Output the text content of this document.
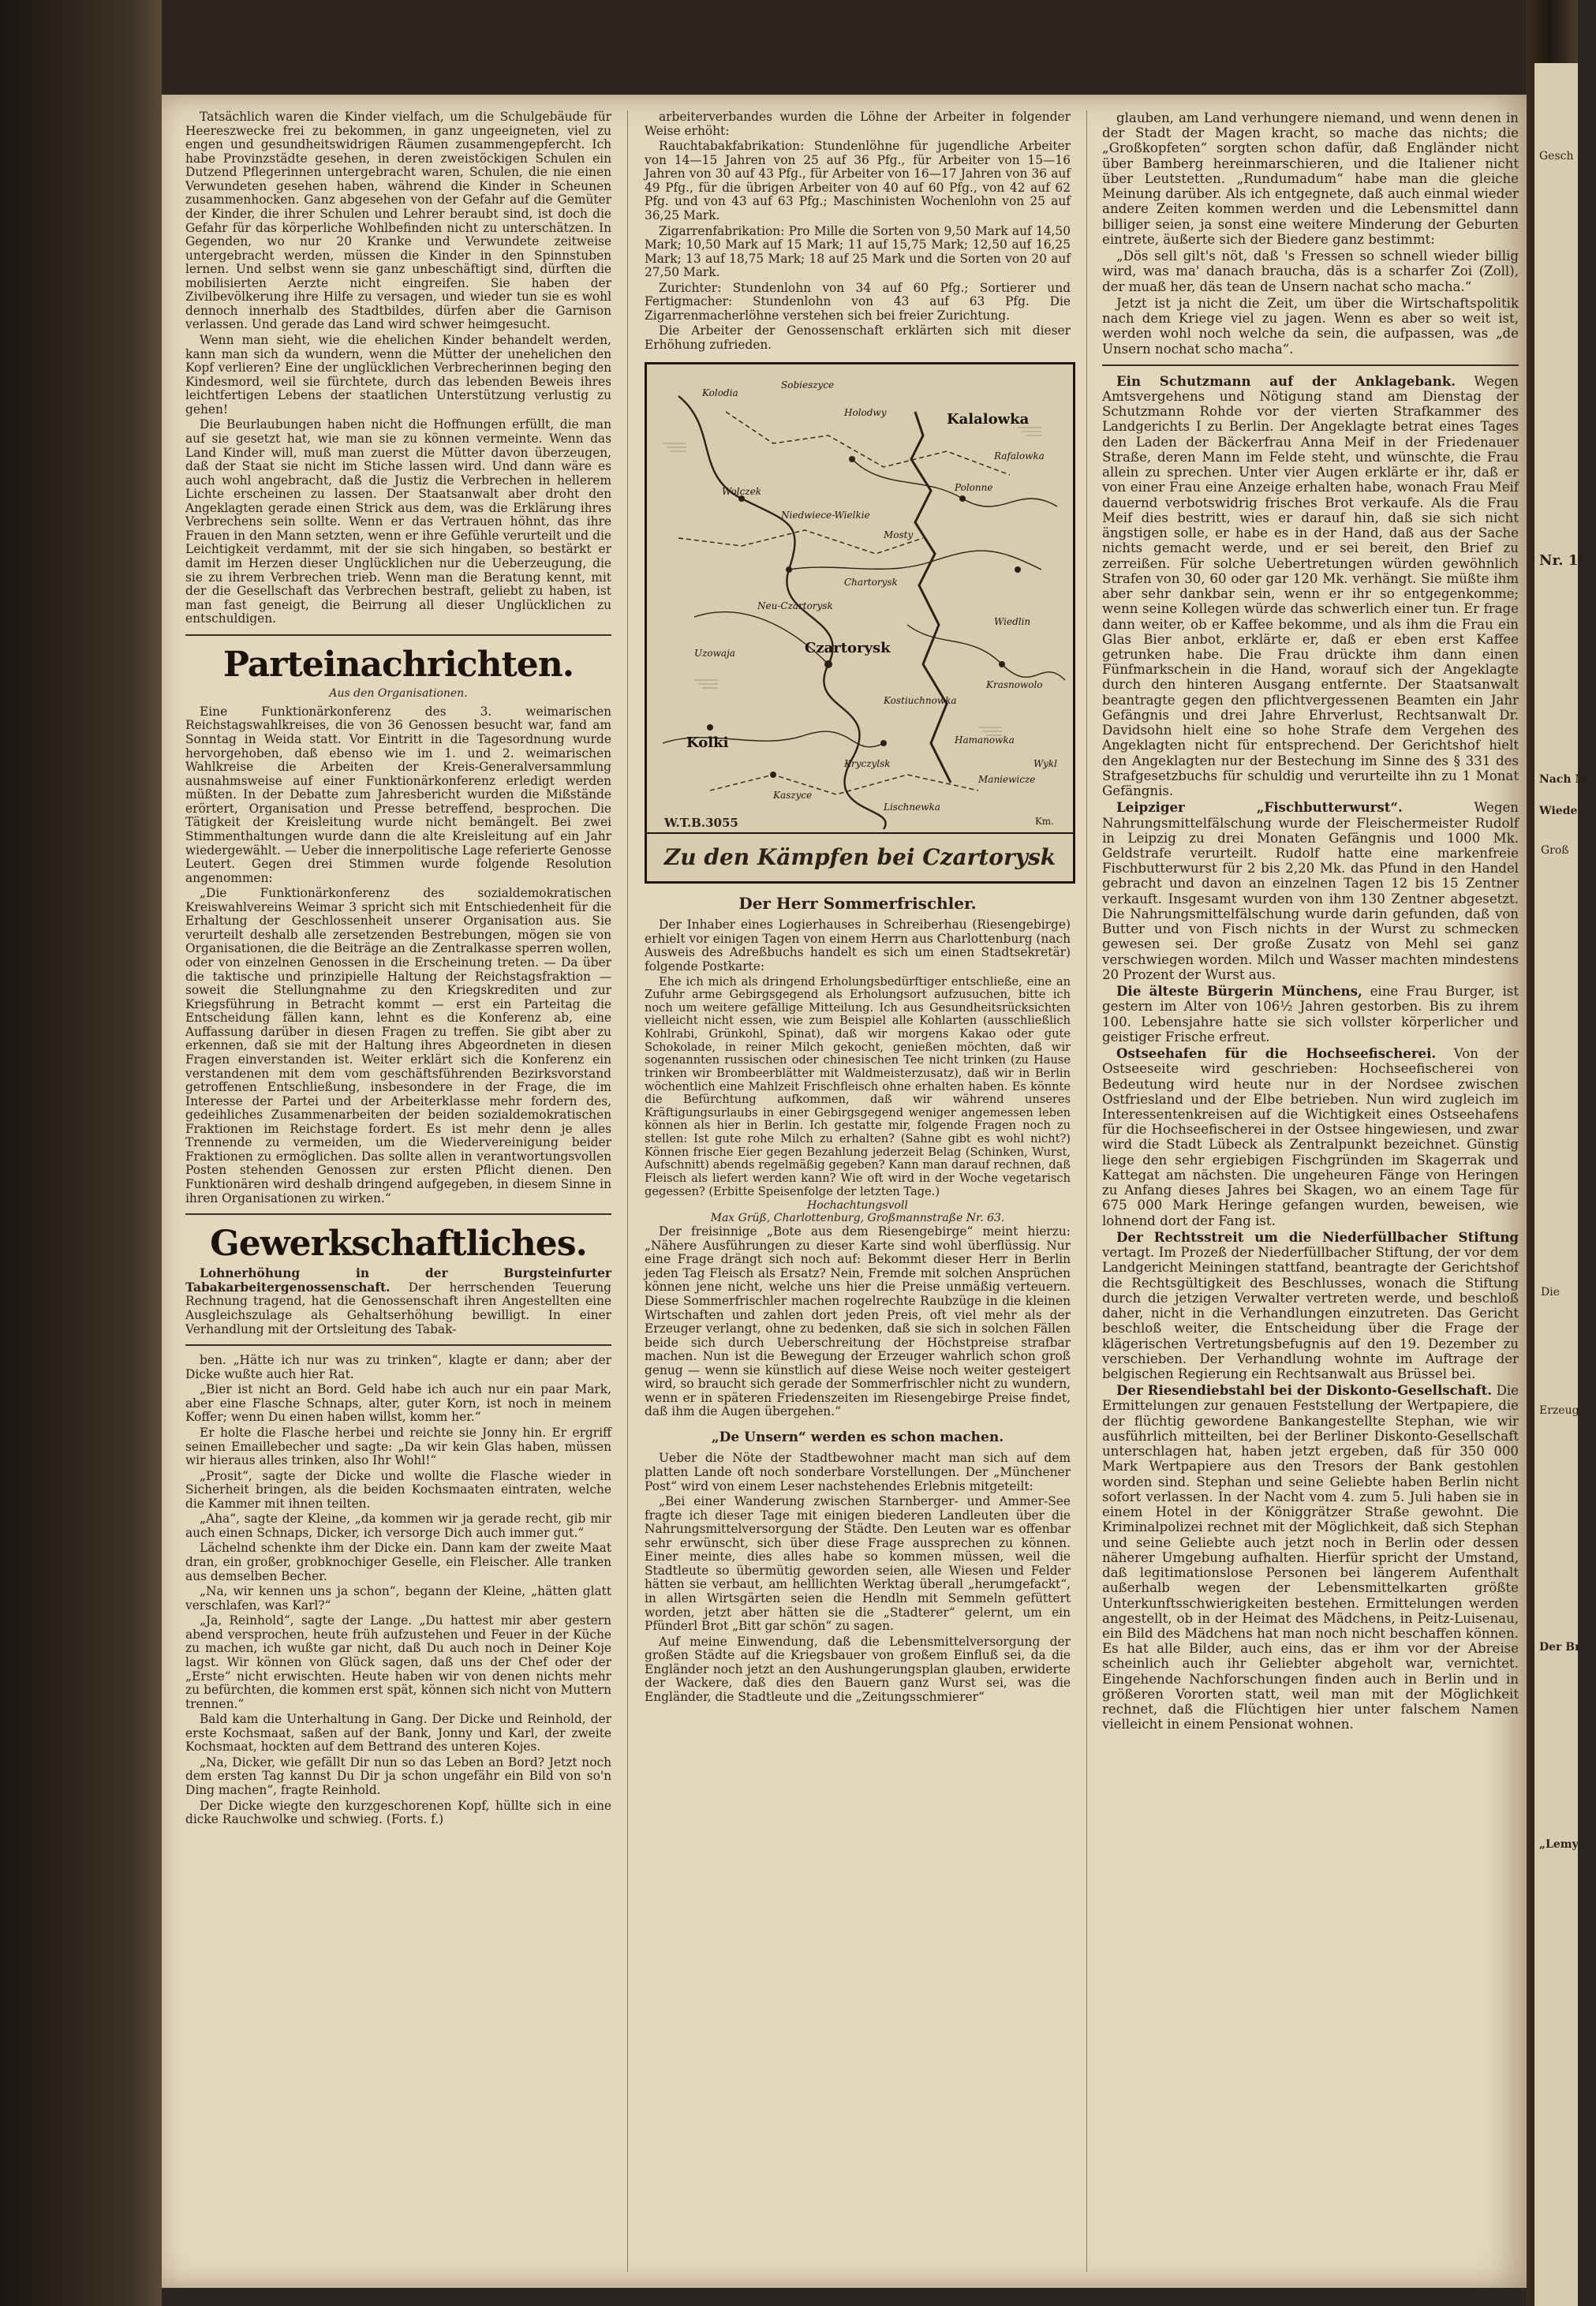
Tatsächlich waren die Kinder vielfach, um die Schulgebäude für Heereszwecke frei zu bekommen, in ganz ungeeigneten, viel zu engen und gesundheitswidrigen Räumen zusammengepfercht. Ich habe Provinzstädte gesehen, in deren zweistöckigen Schulen ein Dutzend Pflegerinnen untergebracht waren, Schulen, die nie einen Verwundeten gesehen haben, während die Kinder in Scheunen zusammenhocken. Ganz abgesehen von der Gefahr auf die Gemüter der Kinder, die ihrer Schulen und Lehrer beraubt sind, ist doch die Gefahr für das körperliche Wohlbefinden nicht zu unterschätzen. In Gegenden, wo nur 20 Kranke und Verwundete zeitweise untergebracht werden, müssen die Kinder in den Spinnstuben lernen. Und selbst wenn sie ganz unbeschäftigt sind, dürften die mobilisierten Aerzte nicht eingreifen. Sie haben der Zivilbevölkerung ihre Hilfe zu versagen, und wieder tun sie es wohl dennoch innerhalb des Stadtbildes, dürfen aber die Garnison verlassen. Und gerade das Land wird schwer heimgesucht.

Wenn man sieht, wie die ehelichen Kinder behandelt werden, kann man sich da wundern, wenn die Mütter der unehelichen den Kopf verlieren? Eine der unglücklichen Verbrecherinnen beging den Kindesmord, weil sie fürchtete, durch das lebenden Beweis ihres leichtfertigen Lebens der staatlichen Unterstützung verlustig zu gehen!

Die Beurlaubungen haben nicht die Hoffnungen erfüllt, die man auf sie gesetzt hat, wie man sie zu können vermeinte. Wenn das Land Kinder will, muß man zuerst die Mütter davon überzeugen, daß der Staat sie nicht im Stiche lassen wird. Und dann wäre es auch wohl angebracht, daß die Justiz die Verbrechen in hellerem Lichte erscheinen zu lassen. Der Staatsanwalt aber droht den Angeklagten gerade einen Strick aus dem, was die Erklärung ihres Verbrechens sein sollte. Wenn er das Vertrauen höhnt, das ihre Frauen in den Mann setzten, wenn er ihre Gefühle verurteilt und die Leichtigkeit verdammt, mit der sie sich hingaben, so bestärkt er damit im Herzen dieser Unglücklichen nur die Ueberzeugung, die sie zu ihrem Verbrechen trieb. Wenn man die Beratung kennt, mit der die Gesellschaft das Verbrechen bestraft, geliebt zu haben, ist man fast geneigt, die Beirrung all dieser Unglücklichen zu entschuldigen.

Parteinachrichten.
Aus den Organisationen.

Eine Funktionärkonferenz des 3. weimarischen Reichstagswahlkreises, die von 36 Genossen besucht war, fand am Sonntag in Weida statt. Vor Eintritt in die Tagesordnung wurde hervorgehoben, daß ebenso wie im 1. und 2. weimarischen Wahlkreise die Arbeiten der Kreis-Generalversammlung ausnahmsweise auf einer Funktionärkonferenz erledigt werden müßten. In der Debatte zum Jahresbericht wurden die Mißstände erörtert, Organisation und Presse betreffend, besprochen. Die Tätigkeit der Kreisleitung wurde nicht bemängelt. Bei zwei Stimmenthaltungen wurde dann die alte Kreisleitung auf ein Jahr wiedergewählt. — Ueber die innerpolitische Lage referierte Genosse Leutert. Gegen drei Stimmen wurde folgende Resolution angenommen:

„Die Funktionärkonferenz des sozialdemokratischen Kreiswahlvereins Weimar 3 spricht sich mit Entschiedenheit für die Erhaltung der Geschlossenheit unserer Organisation aus. Sie verurteilt deshalb alle zersetzenden Bestrebungen, mögen sie von Organisationen, die die Beiträge an die Zentralkasse sperren wollen, oder von einzelnen Genossen in die Erscheinung treten. — Da über die taktische und prinzipielle Haltung der Reichstagsfraktion — soweit die Stellungnahme zu den Kriegskrediten und zur Kriegsführung in Betracht kommt — erst ein Parteitag die Entscheidung fällen kann, lehnt es die Konferenz ab, eine Auffassung darüber in diesen Fragen zu treffen. Sie gibt aber zu erkennen, daß sie mit der Haltung ihres Abgeordneten in diesen Fragen einverstanden ist. Weiter erklärt sich die Konferenz ein verstandenen mit dem vom geschäftsführenden Bezirksvorstand getroffenen Entschließung, insbesondere in der Frage, die im Interesse der Partei und der Arbeiterklasse mehr fordern des, gedeihliches Zusammenarbeiten der beiden sozialdemokratischen Fraktionen im Reichstage fordert. Es ist mehr denn je alles Trennende zu vermeiden, um die Wiedervereinigung beider Fraktionen zu ermöglichen. Das sollte allen in verantwortungsvollen Posten stehenden Genossen zur ersten Pflicht dienen. Den Funktionären wird deshalb dringend aufgegeben, in diesem Sinne in ihren Organisationen zu wirken.“

Gewerkschaftliches.

Lohnerhöhung in der Burgsteinfurter Tabakarbeitergenossenschaft. Der herrschenden Teuerung Rechnung tragend, hat die Genossenschaft ihren Angestellten eine Ausgleichszulage als Gehaltserhöhung bewilligt. In einer Verhandlung mit der Ortsleitung des Tabak-

ben. „Hätte ich nur was zu trinken“, klagte er dann; aber der Dicke wußte auch hier Rat.

„Bier ist nicht an Bord. Geld habe ich auch nur ein paar Mark, aber eine Flasche Schnaps, alter, guter Korn, ist noch in meinem Koffer; wenn Du einen haben willst, komm her.“

Er holte die Flasche herbei und reichte sie Jonny hin. Er ergriff seinen Emaillebecher und sagte: „Da wir kein Glas haben, müssen wir hieraus alles trinken, also Ihr Wohl!“

„Prosit“, sagte der Dicke und wollte die Flasche wieder in Sicherheit bringen, als die beiden Kochsmaaten eintraten, welche die Kammer mit ihnen teilten.

„Aha“, sagte der Kleine, „da kommen wir ja gerade recht, gib mir auch einen Schnaps, Dicker, ich versorge Dich auch immer gut.“

Lächelnd schenkte ihm der Dicke ein. Dann kam der zweite Maat dran, ein großer, grobknochiger Geselle, ein Fleischer. Alle tranken aus demselben Becher.

„Na, wir kennen uns ja schon“, begann der Kleine, „hätten glatt verschlafen, was Karl?“

„Ja, Reinhold“, sagte der Lange. „Du hattest mir aber gestern abend versprochen, heute früh aufzustehen und Feuer in der Küche zu machen, ich wußte gar nicht, daß Du auch noch in Deiner Koje lagst. Wir können von Glück sagen, daß uns der Chef oder der „Erste“ nicht erwischten. Heute haben wir von denen nichts mehr zu befürchten, die kommen erst spät, können sich nicht von Muttern trennen.“

Bald kam die Unterhaltung in Gang. Der Dicke und Reinhold, der erste Kochsmaat, saßen auf der Bank, Jonny und Karl, der zweite Kochsmaat, hockten auf dem Bettrand des unteren Kojes.

„Na, Dicker, wie gefällt Dir nun so das Leben an Bord? Jetzt noch dem ersten Tag kannst Du Dir ja schon ungefähr ein Bild von so'n Ding machen“, fragte Reinhold.

Der Dicke wiegte den kurzgeschorenen Kopf, hüllte sich in eine dicke Rauchwolke und schwieg. (Forts. f.)

arbeiterverbandes wurden die Löhne der Arbeiter in folgender Weise erhöht:

Rauchtabakfabrikation: Stundenlöhne für jugendliche Arbeiter von 14—15 Jahren von 25 auf 36 Pfg., für Arbeiter von 15—16 Jahren von 30 auf 43 Pfg., für Arbeiter von 16—17 Jahren von 36 auf 49 Pfg., für die übrigen Arbeiter von 40 auf 60 Pfg., von 42 auf 62 Pfg. und von 43 auf 63 Pfg.; Maschinisten Wochenlohn von 25 auf 36,25 Mark.

Zigarrenfabrikation: Pro Mille die Sorten von 9,50 Mark auf 14,50 Mark; 10,50 Mark auf 15 Mark; 11 auf 15,75 Mark; 12,50 auf 16,25 Mark; 13 auf 18,75 Mark; 18 auf 25 Mark und die Sorten von 20 auf 27,50 Mark.

Zurichter: Stundenlohn von 34 auf 60 Pfg.; Sortierer und Fertigmacher: Stundenlohn von 43 auf 63 Pfg. Die Zigarrenmacherlöhne verstehen sich bei freier Zurichtung.

Die Arbeiter der Genossenschaft erklärten sich mit dieser Erhöhung zufrieden.

Kolodia
Sobieszyce
Holodwy	Kalalowka
Wolczek
Niedwiece-Wielkie
Polonne
Czartorysk
Kolki
Uzowaja
Krasnowolo
Wiedlin
Neu-Czartorysk
Mosty
Rafalowka
Kostiuchnowka
Hamanowka
Kryczylsk
Maniewicze
Kaszyce
Chartorysk
Lischnewka
Wykl
W.T.B.3055	Km.
Zu den Kämpfen bei Czartorysk
Der Herr Sommerfrischler.

Der Inhaber eines Logierhauses in Schreiberhau (Riesengebirge) erhielt vor einigen Tagen von einem Herrn aus Charlottenburg (nach Ausweis des Adreßbuchs handelt es sich um einen Stadtsekretär) folgende Postkarte:

Ehe ich mich als dringend Erholungsbedürftiger entschließe, eine an Zufuhr arme Gebirgsgegend als Erholungsort aufzusuchen, bitte ich noch um weitere gefällige Mitteilung. Ich aus Gesundheitsrücksichten vielleicht nicht essen, wie zum Beispiel alle Kohlarten (ausschließlich Kohlrabi, Grünkohl, Spinat), daß wir morgens Kakao oder gute Schokolade, in reiner Milch gekocht, genießen möchten, daß wir sogenannten russischen oder chinesischen Tee nicht trinken (zu Hause trinken wir Brombeerblätter mit Waldmeisterzusatz), daß wir in Berlin wöchentlich eine Mahlzeit Frischfleisch ohne erhalten haben. Es könnte die Befürchtung aufkommen, daß wir während unseres Kräftigungsurlaubs in einer Gebirgsgegend weniger angemessen leben können als hier in Berlin. Ich gestatte mir, folgende Fragen noch zu stellen: Ist gute rohe Milch zu erhalten? (Sahne gibt es wohl nicht?) Können frische Eier gegen Bezahlung jederzeit Belag (Schinken, Wurst, Aufschnitt) abends regelmäßig gegeben? Kann man darauf rechnen, daß Fleisch als liefert werden kann? Wie oft wird in der Woche vegetarisch gegessen? (Erbitte Speisenfolge der letzten Tage.)

Hochachtungsvoll
Max Grüß, Charlottenburg, Großmannstraße Nr. 63.

Der freisinnige „Bote aus dem Riesengebirge“ meint hierzu: „Nähere Ausführungen zu dieser Karte sind wohl überflüssig. Nur eine Frage drängt sich noch auf: Bekommt dieser Herr in Berlin jeden Tag Fleisch als Ersatz? Nein, Fremde mit solchen Ansprüchen können jene nicht, welche uns hier die Preise unmäßig verteuern. Diese Sommerfrischler machen rogelrechte Raubzüge in die kleinen Wirtschaften und zahlen dort jeden Preis, oft viel mehr als der Erzeuger verlangt, ohne zu bedenken, daß sie sich in solchen Fällen beide sich durch Ueberschreitung der Höchstpreise strafbar machen. Nun ist die Bewegung der Erzeuger wahrlich schon groß genug — wenn sie künstlich auf diese Weise noch weiter gesteigert wird, so braucht sich gerade der Sommerfrischler nicht zu wundern, wenn er in späteren Friedenszeiten im Riesengebirge Preise findet, daß ihm die Augen übergehen.“

„De Unsern“ werden es schon machen.

Ueber die Nöte der Stadtbewohner macht man sich auf dem platten Lande oft noch sonderbare Vorstellungen. Der „Münchener Post“ wird von einem Leser nachstehendes Erlebnis mitgeteilt:

„Bei einer Wanderung zwischen Starnberger- und Ammer-See fragte ich dieser Tage mit einigen biederen Landleuten über die Nahrungsmittelversorgung der Städte. Den Leuten war es offenbar sehr erwünscht, sich über diese Frage aussprechen zu können. Einer meinte, dies alles habe so kommen müssen, weil die Stadtleute so übermütig geworden seien, alle Wiesen und Felder hätten sie verbaut, am helllichten Werktag überall „herumgefackt“, in allen Wirtsgärten seien die Hendln mit Semmeln gefüttert worden, jetzt aber hätten sie die „Stadterer“ gelernt, um ein Pfünderl Brot „Bitt gar schön“ zu sagen.

Auf meine Einwendung, daß die Lebensmittelversorgung der großen Städte auf die Kriegsbauer von großem Einfluß sei, da die Engländer noch jetzt an den Aushungerungsplan glauben, erwiderte der Wackere, daß dies den Bauern ganz Wurst sei, was die Engländer, die Stadtleute und die „Zeitungsschmierer“

glauben, am Land verhungere niemand, und wenn denen in der Stadt der Magen kracht, so mache das nichts; die „Großkopfeten“ sorgten schon dafür, daß Engländer nicht über Bamberg hereinmarschieren, und die Italiener nicht über Leutstetten. „Rundumadum“ habe man die gleiche Meinung darüber. Als ich entgegnete, daß auch einmal wieder andere Zeiten kommen werden und die Lebensmittel dann billiger seien, ja sonst eine weitere Minderung der Geburten eintrete, äußerte sich der Biedere ganz bestimmt:

„Dös sell gilt's nöt, daß 's Fressen so schnell wieder billig wird, was ma' danach braucha, däs is a scharfer Zoi (Zoll), der muaß her, däs tean de Unsern nachat scho macha.“

Jetzt ist ja nicht die Zeit, um über die Wirtschaftspolitik nach dem Kriege viel zu jagen. Wenn es aber so weit ist, werden wohl noch welche da sein, die aufpassen, was „de Unsern nochat scho macha“.

Ein Schutzmann auf der Anklagebank. Wegen Amtsvergehens und Nötigung stand am Dienstag der Schutzmann Rohde vor der vierten Strafkammer des Landgerichts I zu Berlin. Der Angeklagte betrat eines Tages den Laden der Bäckerfrau Anna Meif in der Friedenauer Straße, deren Mann im Felde steht, und wünschte, die Frau allein zu sprechen. Unter vier Augen erklärte er ihr, daß er von einer Frau eine Anzeige erhalten habe, wonach Frau Meif dauernd verbotswidrig frisches Brot verkaufe. Als die Frau Meif dies bestritt, wies er darauf hin, daß sie sich nicht ängstigen solle, er habe es in der Hand, daß aus der Sache nichts gemacht werde, und er sei bereit, den Brief zu zerreißen. Für solche Uebertretungen würden gewöhnlich Strafen von 30, 60 oder gar 120 Mk. verhängt. Sie müßte ihm aber sehr dankbar sein, wenn er ihr so entgegenkomme; wenn seine Kollegen würde das schwerlich einer tun. Er frage dann weiter, ob er Kaffee bekomme, und als ihm die Frau ein Glas Bier anbot, erklärte er, daß er eben erst Kaffee getrunken habe. Die Frau drückte ihm dann einen Fünfmarkschein in die Hand, worauf sich der Angeklagte durch den hinteren Ausgang entfernte. Der Staatsanwalt beantragte gegen den pflichtvergessenen Beamten ein Jahr Gefängnis und drei Jahre Ehrverlust, Rechtsanwalt Dr. Davidsohn hielt eine so hohe Strafe dem Vergehen des Angeklagten nicht für entsprechend. Der Gerichtshof hielt den Angeklagten nur der Bestechung im Sinne des § 331 des Strafgesetzbuchs für schuldig und verurteilte ihn zu 1 Monat Gefängnis.

Leipziger „Fischbutterwurst“.	Wegen Nahrungsmittelfälschung wurde der Fleischermeister Rudolf in Leipzig zu drei Monaten Gefängnis und 1000 Mk. Geldstrafe verurteilt. Rudolf hatte eine markenfreie Fischbutterwurst für 2 bis 2,20 Mk. das Pfund in den Handel gebracht und davon an einzelnen Tagen 12 bis 15 Zentner verkauft. Insgesamt wurden von ihm 130 Zentner abgesetzt. Die Nahrungsmittelfälschung wurde darin gefunden, daß von Butter und von Fisch nichts in der Wurst zu schmecken gewesen sei. Der große Zusatz von Mehl sei ganz verschwiegen worden. Milch und Wasser machten mindestens 20 Prozent der Wurst aus.

Die älteste Bürgerin Münchens, eine Frau Burger, ist gestern im Alter von 106½ Jahren gestorben. Bis zu ihrem 100. Lebensjahre hatte sie sich vollster körperlicher und geistiger Frische erfreut.

Ostseehafen für die Hochseefischerei. Von der Ostseeseite wird geschrieben: Hochseefischerei von Bedeutung wird heute nur in der Nordsee zwischen Ostfriesland und der Elbe betrieben. Nun wird zugleich im Interessentenkreisen auf die Wichtigkeit eines Ostseehafens für die Hochseefischerei in der Ostsee hingewiesen, und zwar wird die Stadt Lübeck als Zentralpunkt bezeichnet. Günstig liege den sehr ergiebigen Fischgründen im Skagerrak und Kattegat am nächsten. Die ungeheuren Fänge von Heringen zu Anfang dieses Jahres bei Skagen, wo an einem Tage für 675 000 Mark Heringe gefangen wurden, beweisen, wie lohnend dort der Fang ist.

Der Rechtsstreit um die Niederfüllbacher Stiftung vertagt. Im Prozeß der Niederfüllbacher Stiftung, der vor dem Landgericht Meiningen stattfand, beantragte der Gerichtshof die Rechtsgültigkeit des Beschlusses, wonach die Stiftung durch die jetzigen Verwalter vertreten werde, und beschloß daher, nicht in die Verhandlungen einzutreten. Das Gericht beschloß weiter, die Entscheidung über die Frage der klägerischen Vertretungsbefugnis auf den 19. Dezember zu verschieben. Der Verhandlung wohnte im Auftrage der belgischen Regierung ein Rechtsanwalt aus Brüssel bei.

Der Riesendiebstahl bei der Diskonto-Gesellschaft. Die Ermittelungen zur genauen Feststellung der Wertpapiere, die der flüchtig gewordene Bankangestellte Stephan, wie wir ausführlich mitteilten, bei der Berliner Diskonto-Gesellschaft unterschlagen hat, haben jetzt ergeben, daß für 350 000 Mark Wertpapiere aus den Tresors der Bank gestohlen worden sind. Stephan und seine Geliebte haben Berlin nicht sofort verlassen. In der Nacht vom 4. zum 5. Juli haben sie in einem Hotel in der Königgrätzer Straße gewohnt. Die Kriminalpolizei rechnet mit der Möglichkeit, daß sich Stephan und seine Geliebte auch jetzt noch in Berlin oder dessen näherer Umgebung aufhalten. Hierfür spricht der Umstand, daß legitimationslose Personen bei längerem Aufenthalt außerhalb wegen der Lebensmittelkarten größte Unterkunftsschwierigkeiten bestehen. Ermittelungen werden angestellt, ob in der Heimat des Mädchens, in Peitz-Luisenau, ein Bild des Mädchens hat man noch nicht beschaffen können. Es hat alle Bilder, auch eins, das er ihm vor der Abreise scheinlich auch ihr Geliebter abgeholt war, vernichtet. Eingehende Nachforschungen finden auch in Berlin und in größeren Vororten statt, weil man mit der Möglichkeit rechnet, daß die Flüchtigen hier unter falschem Namen vielleicht in einem Pensionat wohnen.

Gesch
Nr. 16
Nach M
Wiede
Groß
Die
Erzeug
Der Brub
„Lemyg“
